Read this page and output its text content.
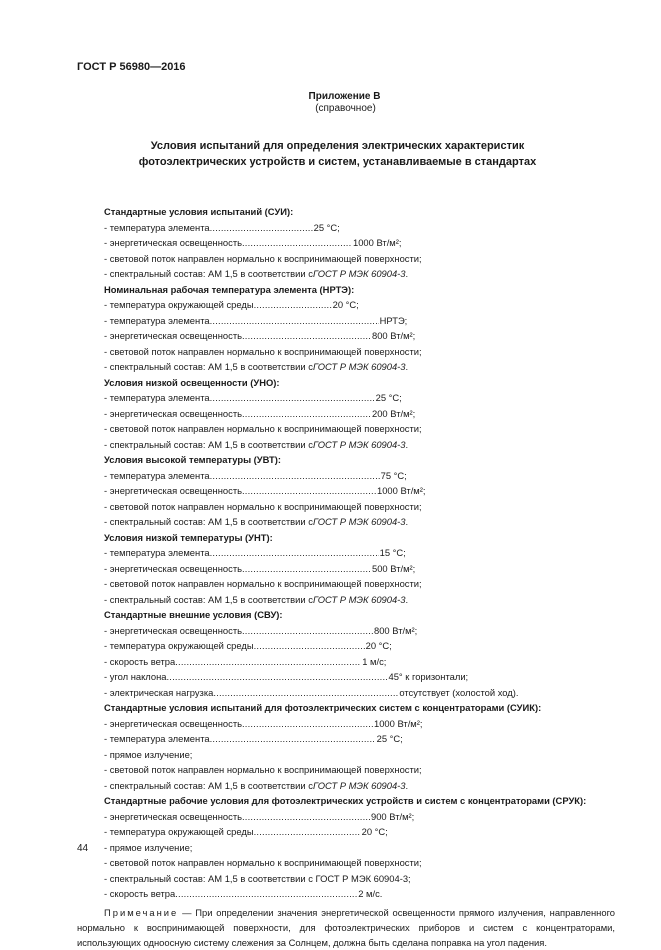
ГОСТ Р 56980—2016
Приложение В
(справочное)
Условия испытаний для определения электрических характеристик
фотоэлектрических устройств и систем, устанавливаемые в стандартах
Стандартные условия испытаний (СУИ):
- температура элемента .....	25 °С;
- энергетическая освещенность .....	1000 Вт/м²;
- световой поток направлен нормально к воспринимающей поверхности;
- спектральный состав: АМ 1,5 в соответствии с ГОСТ Р МЭК 60904-3 .
Номинальная рабочая температура элемента (НРТЭ):
- температура окружающей среды .....	20 °С;
- температура элемента .....	НРТЭ;
- энергетическая освещенность .....	800 Вт/м²;
- световой поток направлен нормально к воспринимающей поверхности;
- спектральный состав: АМ 1,5 в соответствии с ГОСТ Р МЭК 60904-3 .
Условия низкой освещенности (УНО):
- температура элемента .....	25 °С;
- энергетическая освещенность .....	200 Вт/м²;
- световой поток направлен нормально к воспринимающей поверхности;
- спектральный состав: АМ 1,5 в соответствии с ГОСТ Р МЭК 60904-3 .
Условия высокой температуры (УВТ):
- температура элемента .....	75 °С;
- энергетическая освещенность .....	1000 Вт/м²;
- световой поток направлен нормально к воспринимающей поверхности;
- спектральный состав: АМ 1,5 в соответствии с ГОСТ Р МЭК 60904-3 .
Условия низкой температуры (УНТ):
- температура элемента .....	15 °С;
- энергетическая освещенность .....	500 Вт/м²;
- световой поток направлен нормально к воспринимающей поверхности;
- спектральный состав: АМ 1,5 в соответствии с ГОСТ Р МЭК 60904-3 .
Стандартные внешние условия (СВУ):
- энергетическая освещенность .....	800 Вт/м²;
- температура окружающей среды .....	20 °С;
- скорость ветра .....	1 м/с;
- угол наклона .....	45° к горизонтали;
- электрическая нагрузка .....	отсутствует (холостой ход).
Стандартные условия испытаний для фотоэлектрических систем с концентраторами (СУИК):
- энергетическая освещенность .....	1000 Вт/м²;
- температура элемента .....	25 °С;
- прямое излучение;
- световой поток направлен нормально к воспринимающей поверхности;
- спектральный состав: АМ 1,5 в соответствии с ГОСТ Р МЭК 60904-3 .
Стандартные рабочие условия для фотоэлектрических устройств и систем с концентраторами (СРУК):
- энергетическая освещенность .....	900 Вт/м²;
- температура окружающей среды .....	20 °С;
- прямое излучение;
- световой поток направлен нормально к воспринимающей поверхности;
- спектральный состав: АМ 1,5 в соответствии с ГОСТ Р МЭК 60904-3;
- скорость ветра .....	2 м/с.
Примечание — При определении значения энергетической освещенности прямого излучения, направленного нормально к воспринимающей поверхности, для фотоэлектрических приборов и систем с концентраторами, использующих одноосную систему слежения за Солнцем, должна быть сделана поправка на угол падения.
44
